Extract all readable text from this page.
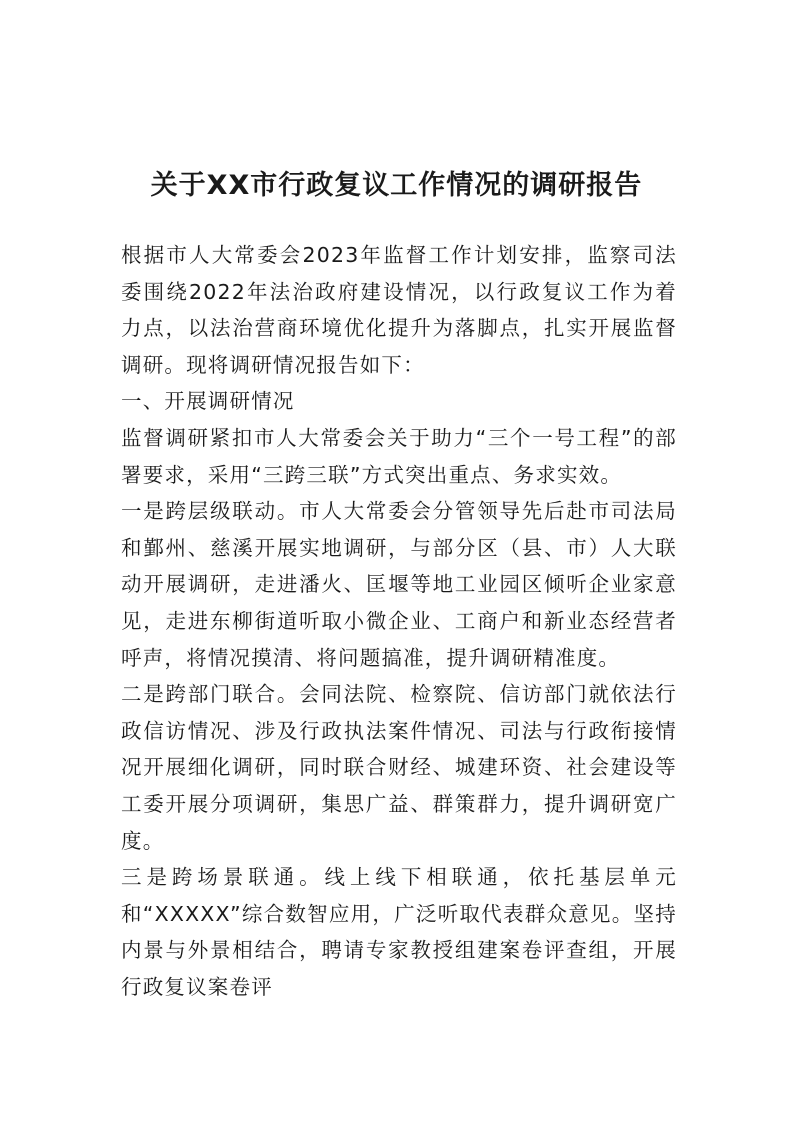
关于XX市行政复议工作情况的调研报告

根据市人大常委会2023年监督工作计划安排，监察司法委围绕2022年法治政府建设情况，以行政复议工作为着力点，以法治营商环境优化提升为落脚点，扎实开展监督调研。现将调研情况报告如下：

一、开展调研情况

监督调研紧扣市人大常委会关于助力“三个一号工程”的部署要求，采用“三跨三联”方式突出重点、务求实效。

一是跨层级联动。市人大常委会分管领导先后赴市司法局和鄞州、慈溪开展实地调研，与部分区（县、市）人大联动开展调研，走进潘火、匡堰等地工业园区倾听企业家意见，走进东柳街道听取小微企业、工商户和新业态经营者呼声，将情况摸清、将问题搞准，提升调研精准度。

二是跨部门联合。会同法院、检察院、信访部门就依法行政信访情况、涉及行政执法案件情况、司法与行政衔接情况开展细化调研，同时联合财经、城建环资、社会建设等工委开展分项调研，集思广益、群策群力，提升调研宽广度。

三是跨场景联通。线上线下相联通，依托基层单元和“XXXXX”综合数智应用，广泛听取代表群众意见。坚持内景与外景相结合，聘请专家教授组建案卷评查组，开展行政复议案卷评
